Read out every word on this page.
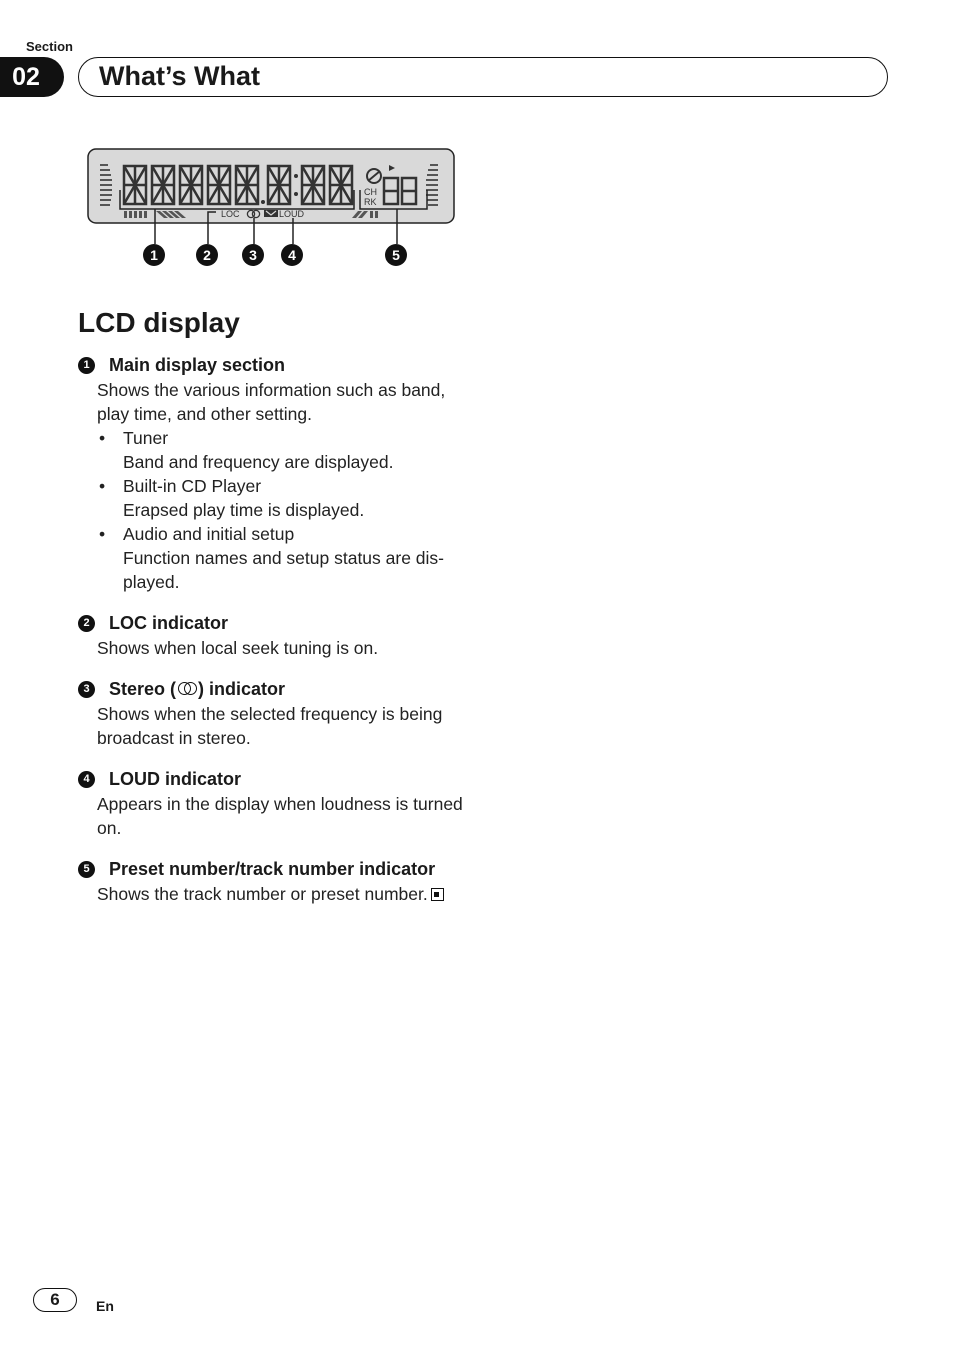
Section
02	What’s What
CH
RK
LOC	LOUD
1	2	3	4	5
LCD display
1	Main display section
Shows the various information such as band, play time, and other setting.
• Tuner
Band and frequency are displayed.
• Built-in CD Player
Erapsed play time is displayed.
• Audio and initial setup
Function names and setup status are dis-played.
2	LOC indicator
Shows when local seek tuning is on.
3	Stereo ( ) indicator
Shows when the selected frequency is being broadcast in stereo.
4	LOUD indicator
Appears in the display when loudness is turned on.
5	Preset number/track number indicator
Shows the track number or preset number.
6	En
